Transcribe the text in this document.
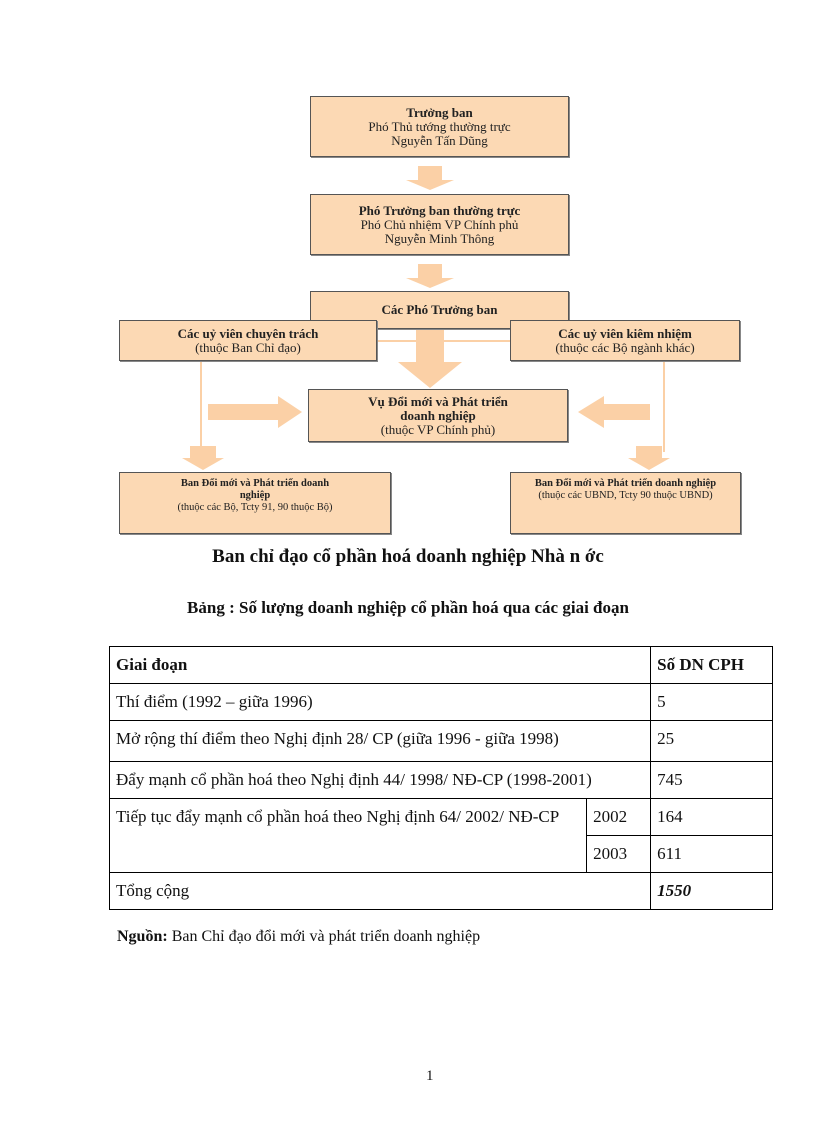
Trưởng ban
Phó Thủ tướng thường trực
Nguyễn Tấn Dũng
Phó Trưởng ban thường trực
Phó Chủ nhiệm VP Chính phủ
Nguyễn Minh Thông
Các Phó Trưởng ban
Các uỷ viên chuyên trách
(thuộc Ban Chỉ đạo)
Các uỷ viên kiêm nhiệm
(thuộc các Bộ ngành khác)
Vụ Đổi mới và Phát triển doanh nghiệp
(thuộc VP Chính phủ)
Ban Đổi mới và Phát triển doanh nghiệp
(thuộc các Bộ, Tcty 91, 90 thuộc Bộ)
Ban Đổi mới và Phát triển doanh nghiệp
(thuộc các UBND, Tcty 90 thuộc UBND)
Ban chỉ đạo cổ phần hoá doanh nghiệp Nhà n ớc
Bảng : Số lượng doanh nghiệp cổ phần hoá qua các giai đoạn
Giai đoạn		Số DN CPH
Thí điểm (1992 – giữa 1996)		5
Mở rộng thí điểm theo Nghị định 28/ CP (giữa 1996 - giữa 1998)		25
Đẩy mạnh cổ phần hoá theo Nghị định 44/ 1998/ NĐ-CP (1998-2001)		745
Tiếp tục đẩy mạnh cổ phần hoá theo Nghị định 64/ 2002/ NĐ-CP	2002	164
	2003	611
Tổng cộng		1550
Nguồn: Ban Chỉ đạo đổi mới và phát triển doanh nghiệp
1
